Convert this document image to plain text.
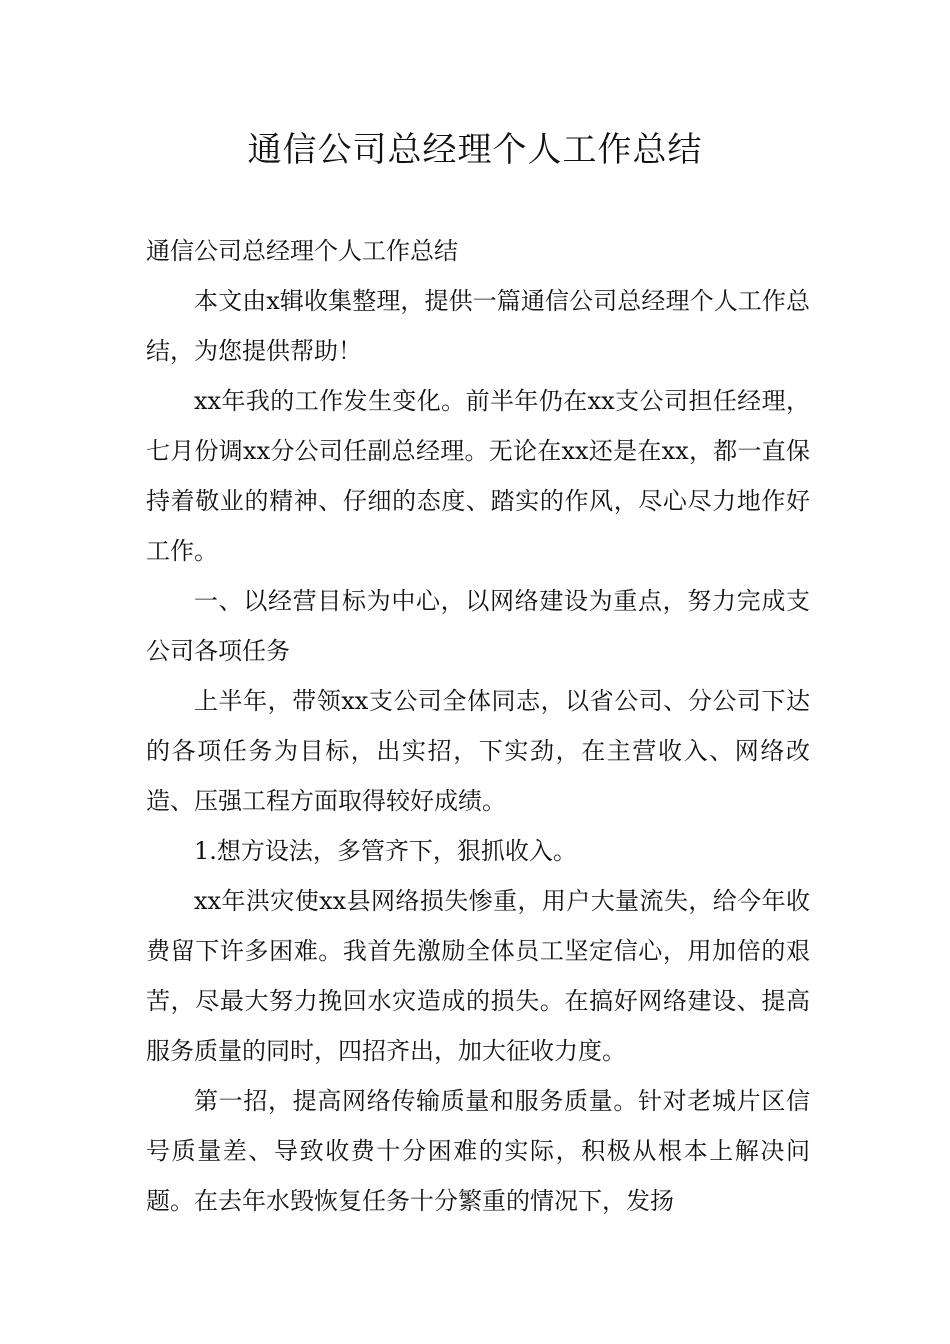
通信公司总经理个人工作总结

通信公司总经理个人工作总结

本文由x辑收集整理，提供一篇通信公司总经理个人工作总结，为您提供帮助！

xx年我的工作发生变化。前半年仍在xx支公司担任经理，七月份调xx分公司任副总经理。无论在xx还是在xx，都一直保持着敬业的精神、仔细的态度、踏实的作风，尽心尽力地作好工作。

一、以经营目标为中心，以网络建设为重点，努力完成支公司各项任务

上半年，带领xx支公司全体同志，以省公司、分公司下达的各项任务为目标，出实招，下实劲，在主营收入、网络改造、压强工程方面取得较好成绩。

1.想方设法，多管齐下，狠抓收入。

xx年洪灾使xx县网络损失惨重，用户大量流失，给今年收费留下许多困难。我首先激励全体员工坚定信心，用加倍的艰苦，尽最大努力挽回水灾造成的损失。在搞好网络建设、提高服务质量的同时，四招齐出，加大征收力度。

第一招，提高网络传输质量和服务质量。针对老城片区信号质量差、导致收费十分困难的实际，积极从根本上解决问题。在去年水毁恢复任务十分繁重的情况下，发扬
